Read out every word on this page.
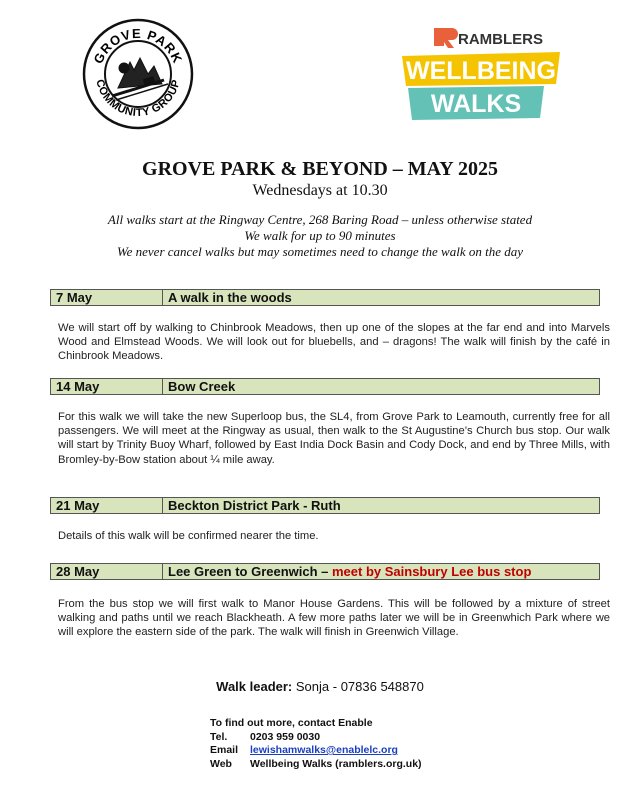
GROVE PARK
COMMUNITY GROUP
RAMBLERS
WELLBEING
WALKS
GROVE PARK & BEYOND – MAY 2025
Wednesdays at 10.30
All walks start at the Ringway Centre, 268 Baring Road – unless otherwise stated
We walk for up to 90 minutes
We never cancel walks but may sometimes need to change the walk on the day
7 May	A walk in the woods
We will start off by walking to Chinbrook Meadows, then up one of the slopes at the far end and into Marvels Wood and Elmstead Woods. We will look out for bluebells, and – dragons! The walk will finish by the café in Chinbrook Meadows.
14 May	Bow Creek
For this walk we will take the new Superloop bus, the SL4, from Grove Park to Leamouth, currently free for all passengers. We will meet at the Ringway as usual, then walk to the St Augustine’s Church bus stop. Our walk will start by Trinity Buoy Wharf, followed by East India Dock Basin and Cody Dock, and end by Three Mills, with Bromley-by-Bow station about ¼ mile away.
21 May	Beckton District Park - Ruth
Details of this walk will be confirmed nearer the time.
28 May	Lee Green to Greenwich – meet by Sainsbury Lee bus stop
From the bus stop we will first walk to Manor House Gardens. This will be followed by a mixture of street walking and paths until we reach Blackheath. A few more paths later we will be in Greenwhich Park where we will explore the eastern side of the park. The walk will finish in Greenwich Village.
Walk leader: Sonja - 07836 548870
To find out more, contact Enable
Tel.	0203 959 0030
Email	lewishamwalks@enablelc.org
Web	Wellbeing Walks (ramblers.org.uk)
